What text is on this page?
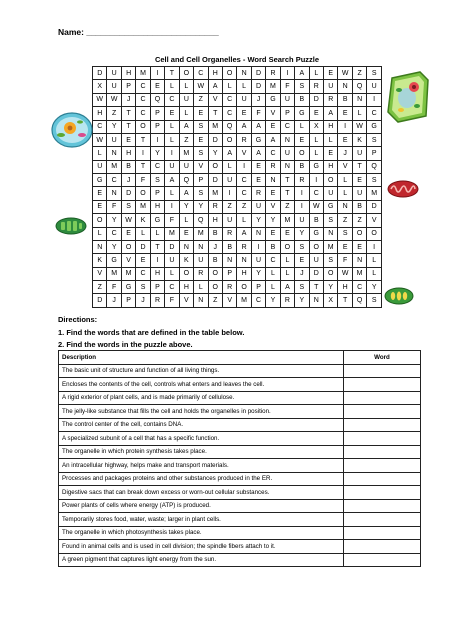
Name: ____________________________
Cell and Cell Organelles - Word Search Puzzle
D	U	H	M	I	T	O	C	H	O	N	D	R	I	A	L	E	W	Z	S
X	U	P	C	E	L	L	W	A	L	L	D	M	F	S	R	U	N	Q	U
W	W	J	C	Q	C	U	Z	V	C	U	J	G	U	B	D	R	B	N	I
H	Z	T	C	P	E	L	E	T	C	E	F	V	P	G	E	A	E	L	C
C	Y	T	O	P	L	A	S	M	Q	A	A	E	C	L	X	H	I	W	G
W	U	E	T	I	L	Z	E	D	O	R	G	A	N	E	L	L	E	K	S
L	N	H	I	Y	I	M	S	Y	A	V	A	C	U	O	L	E	J	U	P
U	M	B	T	C	U	U	V	O	L	I	E	R	N	B	G	H	V	T	Q
G	C	J	F	S	A	Q	P	D	U	C	E	N	T	R	I	O	L	E	S
E	N	D	O	P	L	A	S	M	I	C	R	E	T	I	C	U	L	U	M
E	F	S	M	H	I	Y	Y	R	Z	Z	U	V	Z	I	W	G	N	B	D
O	Y	W	K	G	F	L	Q	H	U	L	Y	Y	M	U	B	S	Z	Z	V
L	C	E	L	L	M	E	M	B	R	A	N	E	E	Y	G	N	S	O	O
N	Y	O	D	T	D	N	N	J	B	R	I	B	O	S	O	M	E	E	I
K	G	V	E	I	U	K	U	B	N	N	U	C	L	E	U	S	F	N	L
V	M	M	C	H	L	O	R	O	P	H	Y	L	L	J	D	O	W	M	L
Z	F	G	S	P	C	H	L	O	R	O	P	L	A	S	T	Y	H	C	Y
D	J	P	J	R	F	V	N	Z	V	M	C	Y	R	Y	N	X	T	Q	S
Directions:
1. Find the words that are defined in the table below.
2. Find the words in the puzzle above.
Description	Word
The basic unit of structure and function of all living things.	
Encloses the contents of the cell, controls what enters and leaves the cell.	
A rigid exterior of plant cells, and is made primarily of cellulose.	
The jelly-like substance that fills the cell and holds the organelles in position.	
The control center of the cell, contains DNA.	
A specialized subunit of a cell that has a specific function.	
The organelle in which protein synthesis takes place.	
An intracellular highway, helps make and transport materials.	
Processes and packages proteins and other substances produced in the ER.	
Digestive sacs that can break down excess or worn-out cellular substances.	
Power plants of cells where energy (ATP) is produced.	
Temporarily stores food, water, waste; larger in plant cells.	
The organelle in which photosynthesis takes place.	
Found in animal cells and is used in cell division; the spindle fibers attach to it.	
A green pigment that captures light energy from the sun.	
